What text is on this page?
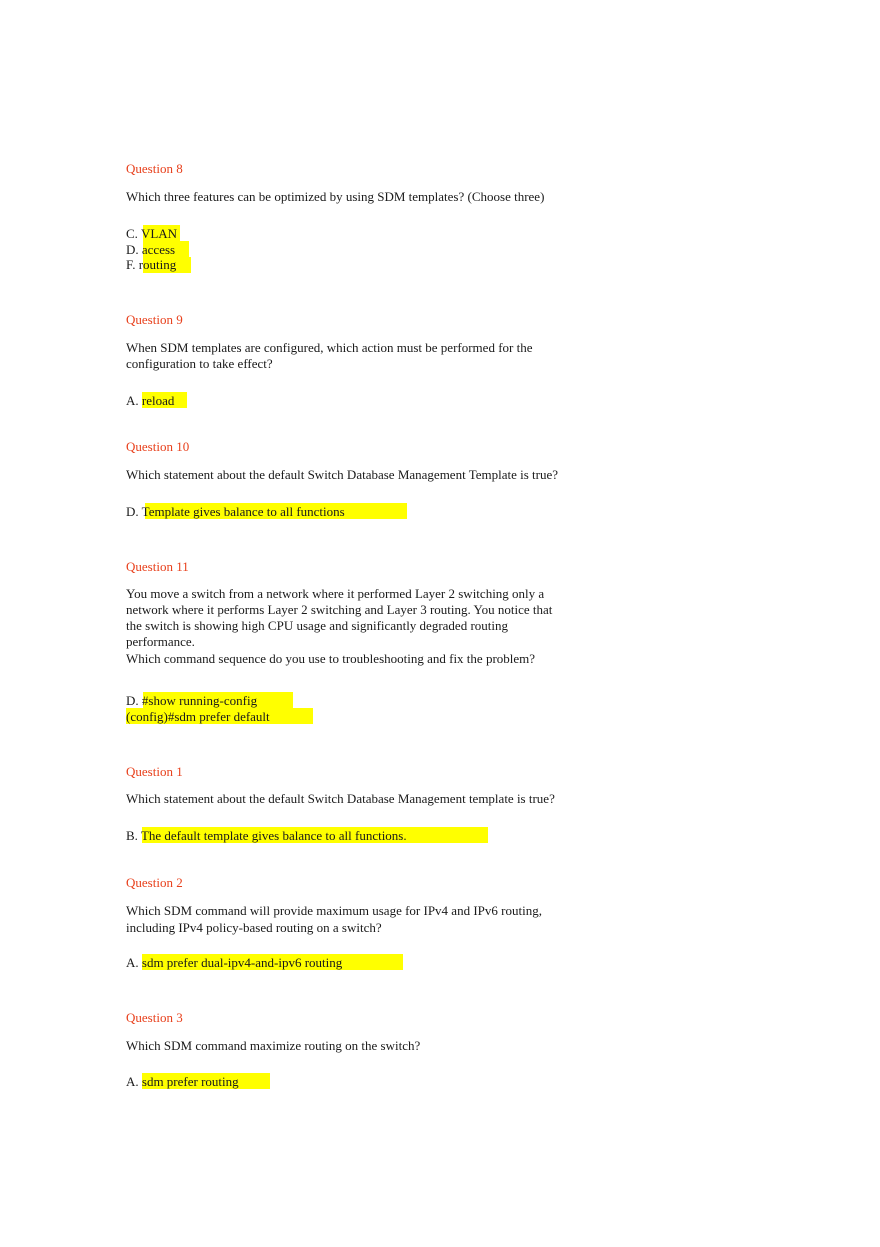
Question 8
Which three features can be optimized by using SDM templates? (Choose three)
C. VLAN
D. access
F. routing
Question 9
When SDM templates are configured, which action must be performed for the
configuration to take effect?
A. reload
Question 10
Which statement about the default Switch Database Management Template is true?
D. Template gives balance to all functions
Question 11
You move a switch from a network where it performed Layer 2 switching only a
network where it performs Layer 2 switching and Layer 3 routing. You notice that
the switch is showing high CPU usage and significantly degraded routing
performance.
Which command sequence do you use to troubleshooting and fix the problem?
D. #show running-config
(config)#sdm prefer default
Question 1
Which statement about the default Switch Database Management template is true?
B. The default template gives balance to all functions.
Question 2
Which SDM command will provide maximum usage for IPv4 and IPv6 routing,
including IPv4 policy-based routing on a switch?
A. sdm prefer dual-ipv4-and-ipv6 routing
Question 3
Which SDM command maximize routing on the switch?
A. sdm prefer routing
